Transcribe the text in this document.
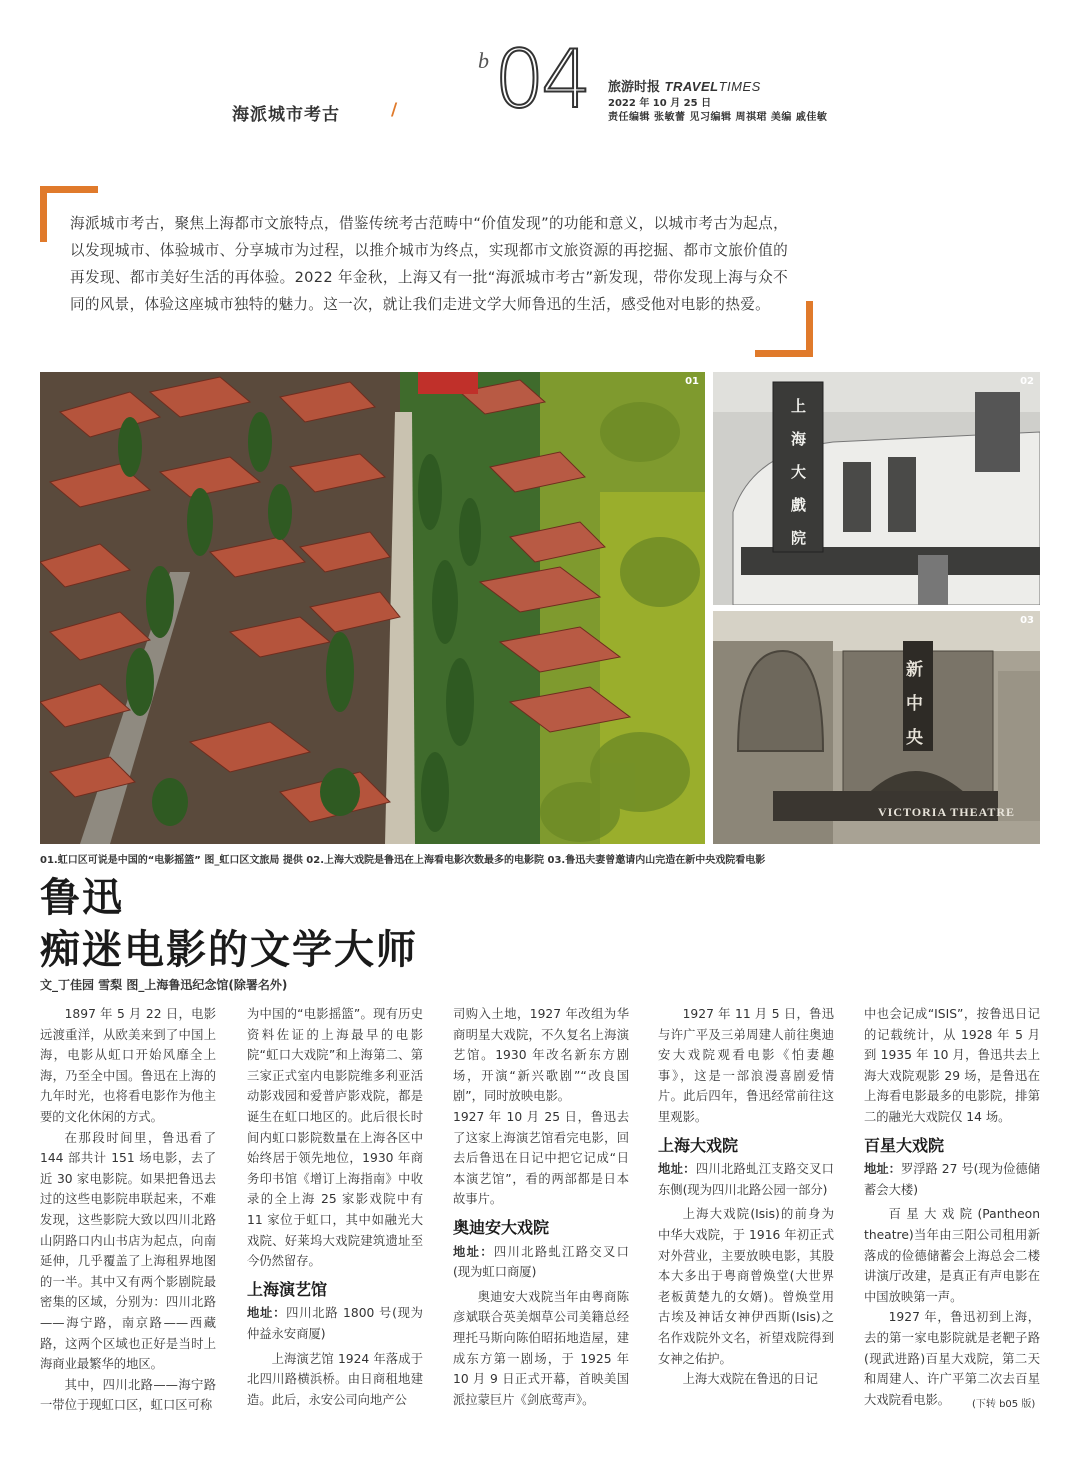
海派城市考古	/
b 04 旅游时报 TRAVELTIMES
2022 年 10 月 25 日
责任编辑 张敏蕾 见习编辑 周祺珺 美编 戚佳敏
海派城市考古，聚焦上海都市文旅特点，借鉴传统考古范畴中“价值发现”的功能和意义，以城市考古为起点，以发现城市、体验城市、分享城市为过程，以推介城市为终点，实现都市文旅资源的再挖掘、都市文旅价值的再发现、都市美好生活的再体验。2022 年金秋，上海又有一批“海派城市考古”新发现，带你发现上海与众不同的风景，体验这座城市独特的魅力。这一次，就让我们走进文学大师鲁迅的生活，感受他对电影的热爱。
01
上海大戲院
02
新中央
VICTORIA THEATRE
03
01.虹口区可说是中国的“电影摇篮” 图_虹口区文旅局 提供 02.上海大戏院是鲁迅在上海看电影次数最多的电影院 03.鲁迅夫妻曾邀请内山完造在新中央戏院看电影
鲁迅
痴迷电影的文学大师
文_丁佳园 雪梨 图_上海鲁迅纪念馆(除署名外)

1897 年 5 月 22 日，电影远渡重洋，从欧美来到了中国上海，电影从虹口开始风靡全上海，乃至全中国。鲁迅在上海的九年时光，也将看电影作为他主要的文化休闲的方式。

在那段时间里，鲁迅看了 144 部共计 151 场电影，去了近 30 家电影院。如果把鲁迅去过的这些电影院串联起来，不难发现，这些影院大致以四川北路山阴路口内山书店为起点，向南延伸，几乎覆盖了上海租界地图的一半。其中又有两个影剧院最密集的区域，分别为：四川北路——海宁路，南京路——西藏路，这两个区域也正好是当时上海商业最繁华的地区。

其中，四川北路——海宁路一带位于现虹口区，虹口区可称

为中国的“电影摇篮”。现有历史资料佐证的上海最早的电影院“虹口大戏院”和上海第二、第三家正式室内电影院维多利亚活动影戏园和爱普庐影戏院，都是诞生在虹口地区的。此后很长时间内虹口影院数量在上海各区中始终居于领先地位，1930 年商务印书馆《增订上海指南》中收录的全上海 25 家影戏院中有 11 家位于虹口，其中如融光大戏院、好莱坞大戏院建筑遗址至今仍然留存。

上海演艺馆
地址：四川北路 1800 号(现为仲益永安商厦)

上海演艺馆 1924 年落成于北四川路横浜桥。由日商租地建造。此后，永安公司向地产公

司购入土地，1927 年改组为华商明星大戏院，不久复名上海演艺馆。1930 年改名新东方剧场，开演“新兴歌剧”“改良国剧”，同时放映电影。

1927 年 10 月 25 日，鲁迅去了这家上海演艺馆看完电影，回去后鲁迅在日记中把它记成“日本演艺馆”，看的两部都是日本故事片。

奥迪安大戏院
地址：四川北路虬江路交叉口(现为虹口商厦)

奥迪安大戏院当年由粤商陈彦斌联合英美烟草公司美籍总经理托马斯向陈伯昭拓地造屋，建成东方第一剧场，于 1925 年 10 月 9 日正式开幕，首映美国派拉蒙巨片《剑底莺声》。

1927 年 11 月 5 日，鲁迅与许广平及三弟周建人前往奥迪安大戏院观看电影《怕妻趣事》，这是一部浪漫喜剧爱情片。此后四年，鲁迅经常前往这里观影。

上海大戏院
地址：四川北路虬江支路交叉口东侧(现为四川北路公园一部分)

上海大戏院(Isis)的前身为中华大戏院，于 1916 年初正式对外营业，主要放映电影，其股本大多出于粤商曾焕堂(大世界老板黄楚九的女婿)。曾焕堂用古埃及神话女神伊西斯(Isis)之名作戏院外文名，祈望戏院得到女神之佑护。

上海大戏院在鲁迅的日记

中也会记成“ISIS”，按鲁迅日记的记载统计，从 1928 年 5 月到 1935 年 10 月，鲁迅共去上海大戏院观影 29 场，是鲁迅在上海看电影最多的电影院，排第二的融光大戏院仅 14 场。

百星大戏院
地址：罗浮路 27 号(现为俭德储蓄会大楼)

百星大戏院(Pantheon theatre)当年由三阳公司租用新落成的俭德储蓄会上海总会二楼讲演厅改建，是真正有声电影在中国放映第一声。

1927 年，鲁迅初到上海，去的第一家电影院就是老靶子路(现武进路)百星大戏院，第二天和周建人、许广平第二次去百星大戏院看电影。	(下转 b05 版)
